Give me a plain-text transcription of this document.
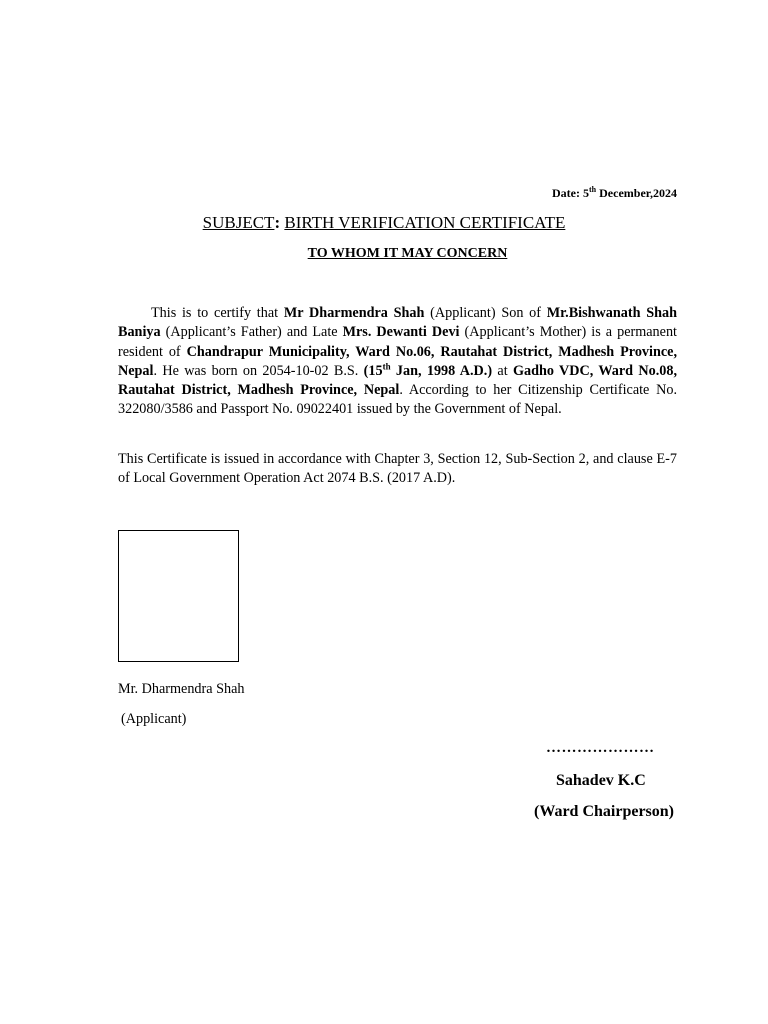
Date: 5th December,2024
SUBJECT: BIRTH VERIFICATION CERTIFICATE
TO WHOM IT MAY CONCERN

This is to certify that Mr Dharmendra Shah (Applicant) Son of Mr.Bishwanath Shah Baniya (Applicant’s Father) and Late Mrs. Dewanti Devi (Applicant’s Mother) is a permanent resident of Chandrapur Municipality, Ward No.06, Rautahat District, Madhesh Province, Nepal. He was born on 2054-10-02 B.S. (15th Jan, 1998 A.D.) at Gadho VDC, Ward No.08, Rautahat District, Madhesh Province, Nepal. According to her Citizenship Certificate No. 322080/3586 and Passport No. 09022401 issued by the Government of Nepal.

This Certificate is issued in accordance with Chapter 3, Section 12, Sub-Section 2, and clause E-7 of Local Government Operation Act 2074 B.S. (2017 A.D).

Mr. Dharmendra Shah
(Applicant)
…………………
Sahadev K.C
(Ward Chairperson)
